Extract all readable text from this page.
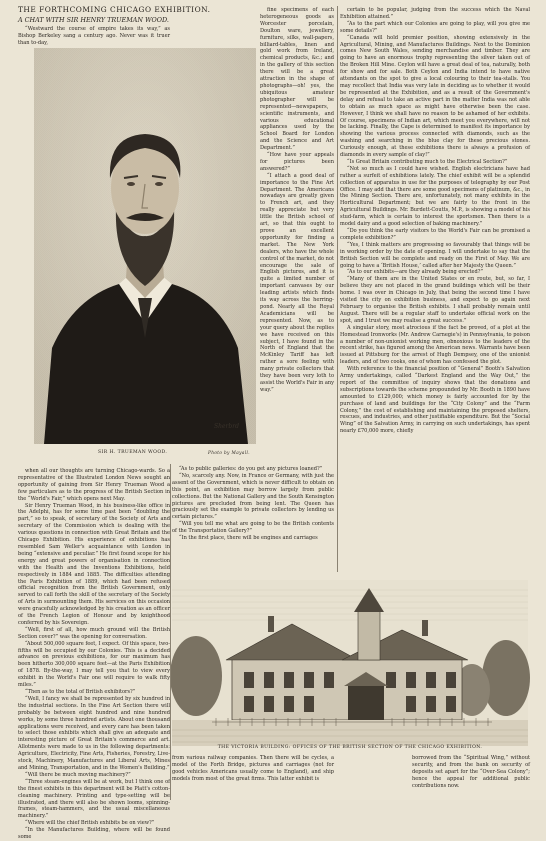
THE FORTHCOMING CHICAGO EXHIBITION.
A CHAT WITH SIR HENRY TRUEMAN WOOD.

“Westward the course of empire takes its way,” as Bishop Berkeley sang a century ago. Never was it truer than to-day,

Sherbrd
SIR H. TRUEMAN WOOD.	Photo by Mayall.

fine specimens of each heterogeneous goods as Worcester porcelain, Doulton ware, jewellery, furniture, silks, wall-papers, billiard-tables, linen and gold work from Ireland, chemical products, &c.; and in the gallery of this section there will be a great attraction in the shape of photographs—oh! yes, the ubiquitous amateur photographer will be represented—newspapers, scientific instruments, and various educational appliances used by the School Board for London and the Science and Art Department.”

“How have your appeals for pictures been answered?”

“I attach a good deal of importance to the Fine Art Department. The Americans nowadays are greatly given to French art, and they really appreciate but very little the British school of art, so that this ought to prove an excellent opportunity for finding a market. The New York dealers, who have the whole control of the market, do not encourage the sale of English pictures, and it is quite a limited number of important canvases by our leading artists which finds its way across the herring-pond. Nearly all the Royal Academicians will be represented. Now, as to your query about the replies we have received on this subject, I have found in the North of England that the McKinley Tariff has left rather a sore feeling with many private collectors that they have been very loth to assist the World's Fair in any way.”

when all our thoughts are turning Chicago-wards. So a representative of the Illustrated London News sought an opportunity of gaining from Sir Henry Trueman Wood a few particulars as to the progress of the British Section in the “World's Fair,” which opens next May.

Sir Henry Trueman Wood, in his business-like office in the Adelphi, has for some time past been “doubling the part,” so to speak, of secretary of the Society of Arts and secretary of the Commission which is dealing with the various questions in connection with Great Britain and the Chicago Exhibition. His experience of exhibitions has resembled Sam Weller's acquaintance with London in being “extensive and peculiar.” He first found scope for his energy and great powers of organisation in connection with the Health and the Inventions Exhibitions, held respectively in 1884 and 1885. The difficulties attending the Paris Exhibition of 1889, which had been refused official recognition from the British Government, only served to call forth the skill of the secretary of the Society of Arts in surmounting them. His services on this occasion were gracefully acknowledged by his creation as an officer of the French Legion of Honour and by knighthood conferred by his Sovereign.

“Well, first of all, how much ground will the British Section cover?” was the opening for conversation.

“About 500,000 square feet, I expect. Of this space, two-fifths will be occupied by our Colonies. This is a decided advance on previous exhibitions, for our maximum has been hitherto 300,000 square feet—at the Paris Exhibition of 1878. By-the-way, I may tell you that to view every exhibit in the World's Fair one will require to walk fifty miles.”

“Then as to the total of British exhibitors?”

“Well, I fancy we shall be represented by six hundred in the industrial sections. In the Fine Art Section there will probably be between eight hundred and nine hundred works, by some three hundred artists. About one thousand applications were received, and every care has been taken to select those exhibits which shall give an adequate and interesting picture of Great Britain's commerce and art. Allotments were made to us in the following departments: Agriculture, Electricity, Fine Arts, Fisheries, Forestry, Live-stock, Machinery, Manufactures and Liberal Arts, Mines and Mining, Transportation, and in the Women's Building.”

“Will there be much moving machinery?”

“Three steam-engines will be at work, but I think one of the finest exhibits in this department will be Platt's cotton-cleaning machinery. Printing and type-setting will be illustrated, and there will also be shown looms, spinning-frames, steam-hammers, and the usual miscellaneous machinery.”

“Where will the chief British exhibits be on view?”

“In the Manufactures Building, where will be found some

“As to public galleries: do you get any pictures loaned?”

“No, scarcely any. Now, in France or Germany, with just the assent of the Government, which is never difficult to obtain on this point, an exhibition may borrow largely from public collections. But the National Gallery and the South Kensington pictures are precluded from being lent. The Queen has graciously set the example to private collectors by lending us certain pictures.”

“Will you tell me what are going to be the British contents of the Transportation Gallery?”

“In the first place, there will be engines and carriages

certain to be popular, judging from the success which the Naval Exhibition attained.”

“As to the part which our Colonies are going to play, will you give me some details?”

“Canada will hold premier position, showing extensively in the Agricultural, Mining, and Manufactures Buildings. Next to the Dominion comes New South Wales, sending merchandise and timber. They are going to have an enormous trophy representing the silver taken out of the Broken Hill Mine. Ceylon will have a great deal of tea, naturally, both for show and for sale. Both Ceylon and India intend to have native attendants on the spot to give a local colouring to their tea-stalls. You may recollect that India was very late in deciding as to whether it would be represented at the Exhibition, and as a result of the Government's delay and refusal to take an active part in the matter India was not able to obtain as much space as might have otherwise been the case. However, I think we shall have no reason to be ashamed of her exhibits. Of course, specimens of Indian art, which meet you everywhere, will not be lacking. Finally, the Cape is determined to manifest its importance by showing the various process connected with diamonds, such as the washing and searching in the blue clay for these precious stones. Curiously enough, at these exhibitions there is always a profusion of diamonds in every sample of clay!”

“Is Great Britain contributing much to the Electrical Section?”

“Not so much as I could have wished. English electricians have had rather a surfeit of exhibitions lately. The chief exhibit will be a splendid collection of apparatus in use for the purposes of telegraphy by our Post Office. I may add that there are some good specimens of platinum, &c., in the Mining Section. There are, unfortunately, not many exhibits in the Horticultural Department; but we are fairly to the front in the Agricultural Buildings. Mr. Burdett-Coutts, M.P., is showing a model of his stud-farm, which is certain to interest the sportsmen. Then there is a model dairy and a good selection of baking machinery.”

“Do you think the early visitors to the World's Fair can be promised a complete exhibition?”

“Yes, I think matters are progressing so favourably that things will be in working order by the date of opening. I will undertake to say that the British Section will be complete and ready on the First of May. We are going to have a ‘British House,’ called after her Majesty the Queen.”

“As to our exhibits—are they already being erected?”

“Many of them are in the United States or en route, but, so far, I believe they are not placed in the grand buildings which will be their home. I was over in Chicago in July, that being the second time I have visited the city on exhibition business, and expect to go again next February to organise the British exhibits. I shall probably remain until August. There will be a regular staff to undertake official work on the spot, and I trust we may realise a great success.”

A singular story, most atrocious if the fact be proved, of a plot at the Homestead Ironworks (Mr. Andrew Carnegie's) in Pennsylvania, to poison a number of non-unionist working men, obnoxious to the leaders of the recent strike, has figured among the American news. Warrants have been issued at Pittsburg for the arrest of Hugh Dempsey, one of the unionist leaders, and of two cooks, one of whom has confessed the plot.

With reference to the financial position of “General” Booth's Salvation Army undertakings, called “Darkest England and the Way Out,” the report of the committee of inquiry shows that the donations and subscriptions towards the scheme propounded by Mr. Booth in 1890 have amounted to £129,000; which money is fairly accounted for by the purchase of land and buildings for the “City Colony” and the “Farm Colony,” the cost of establishing and maintaining the proposed shelters, rescues, and industries, and other justifiable expenditure. But the “Social Wing” of the Salvation Army, in carrying on such undertakings, has spent nearly £70,000 more, chiefly

THE VICTORIA BUILDING: OFFICES OF THE BRITISH SECTION OF THE CHICAGO EXHIBITION.

from various railway companies. Then there will be cycles, a model of the Forth Bridge, pictures and carriages (not for good vehicles Americans usually come to England), and ship models from most of the great firms. This latter exhibit is

borrowed from the “Spiritual Wing,” without security, and from the bank on security of deposits set apart for the “Over-Sea Colony”; hence the appeal for additional public contributions now.
